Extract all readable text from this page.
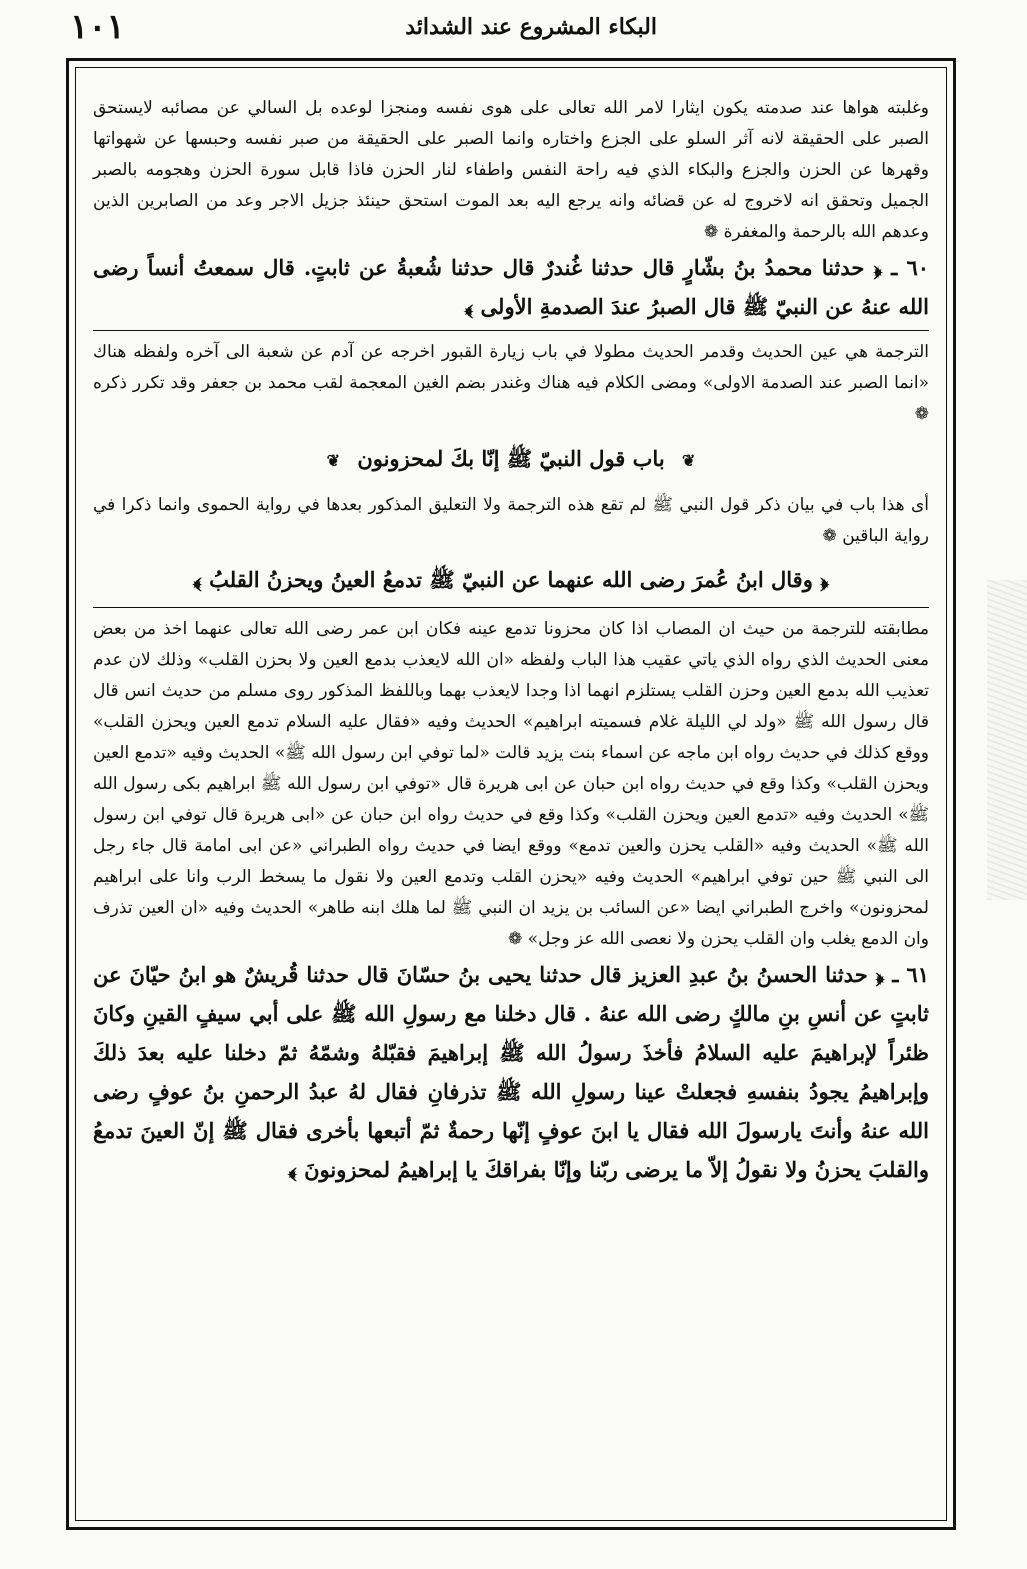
١٠١	البكاء المشروع عند الشدائد

وغلبته هواها عند صدمته يكون ايثارا لامر الله تعالى على هوى نفسه ومنجزا لوعده بل السالي عن مصائبه لايستحق الصبر على الحقيقة لانه آثر السلو على الجزع واختاره وانما الصبر على الحقيقة من صبر نفسه وحبسها عن شهواتها وقهرها عن الحزن والجزع والبكاء الذي فيه راحة النفس واطفاء لنار الحزن فاذا قابل سورة الحزن وهجومه بالصبر الجميل وتحقق انه لاخروج له عن قضائه وانه يرجع اليه بعد الموت استحق حينئذ جزيل الاجر وعد من الصابرين الذين وعدهم الله بالرحمة والمغفرة ❁

٦٠ ـ ﴿ حدثنا محمدُ بنُ بشّارٍ قال حدثنا غُندرٌ قال حدثنا شُعبةُ عن ثابتٍ. قال سمعتُ أنساً رضى الله عنهُ عن النبيّ ﷺ قال الصبرُ عندَ الصدمةِ الأولى ﴾

الترجمة هي عين الحديث وقدمر الحديث مطولا في باب زيارة القبور اخرجه عن آدم عن شعبة الى آخره ولفظه هناك «انما الصبر عند الصدمة الاولى» ومضى الكلام فيه هناك وغندر بضم الغين المعجمة لقب محمد بن جعفر وقد تكرر ذكره ❁

❦ باب قول النبيّ ﷺ إنّا بكَ لمحزونون ❦

أى هذا باب في بيان ذكر قول النبي ﷺ لم تقع هذه الترجمة ولا التعليق المذكور بعدها في رواية الحموى وانما ذكرا في رواية الباقين ❁

﴿ وقال ابنُ عُمرَ رضى الله عنهما عن النبيّ ﷺ تدمعُ العينُ ويحزنُ القلبُ ﴾

مطابقته للترجمة من حيث ان المصاب اذا كان محزونا تدمع عينه فكان ابن عمر رضى الله تعالى عنهما اخذ من بعض معنى الحديث الذي رواه الذي ياتي عقيب هذا الباب ولفظه «ان الله لايعذب بدمع العين ولا بحزن القلب» وذلك لان عدم تعذيب الله بدمع العين وحزن القلب يستلزم انهما اذا وجدا لايعذب بهما وباللفظ المذكور روى مسلم من حديث انس قال قال رسول الله ﷺ «ولد لي الليلة غلام فسميته ابراهيم» الحديث وفيه «فقال عليه السلام تدمع العين ويحزن القلب» ووقع كذلك في حديث رواه ابن ماجه عن اسماء بنت يزيد قالت «لما توفي ابن رسول الله ﷺ» الحديث وفيه «تدمع العين ويحزن القلب» وكذا وقع في حديث رواه ابن حبان عن ابى هريرة قال «توفي ابن رسول الله ﷺ ابراهيم بكى رسول الله ﷺ» الحديث وفيه «تدمع العين ويحزن القلب» وكذا وقع في حديث رواه ابن حبان عن «ابى هريرة قال توفي ابن رسول الله ﷺ» الحديث وفيه «القلب يحزن والعين تدمع» ووقع ايضا في حديث رواه الطبراني «عن ابى امامة قال جاء رجل الى النبي ﷺ حين توفي ابراهيم» الحديث وفيه «يحزن القلب وتدمع العين ولا نقول ما يسخط الرب وانا على ابراهيم لمحزونون» واخرج الطبراني ايضا «عن السائب بن يزيد ان النبي ﷺ لما هلك ابنه طاهر» الحديث وفيه «ان العين تذرف وان الدمع يغلب وان القلب يحزن ولا نعصى الله عز وجل» ❁

٦١ ـ ﴿ حدثنا الحسنُ بنُ عبدِ العزيز قال حدثنا يحيى بنُ حسّانَ قال حدثنا قُريشٌ هو ابنُ حيّانَ عن ثابتٍ عن أنسِ بنِ مالكٍ رضى الله عنهُ . قال دخلنا مع رسولِ الله ﷺ على أبي سيفٍ القينِ وكانَ ظئراً لإبراهيمَ عليه السلامُ فأخذَ رسولُ الله ﷺ إبراهيمَ فقبّلهُ وشمّهُ ثمّ دخلنا عليه بعدَ ذلكَ وإبراهيمُ يجودُ بنفسهِ فجعلتْ عينا رسولِ الله ﷺ تذرفانِ فقال لهُ عبدُ الرحمنِ بنُ عوفٍ رضى الله عنهُ وأنتَ يارسولَ الله فقال يا ابنَ عوفٍ إنّها رحمةٌ ثمّ أتبعها بأخرى فقال ﷺ إنّ العينَ تدمعُ والقلبَ يحزنُ ولا نقولُ إلاّ ما يرضى ربّنا وإنّا بفراقكَ يا إبراهيمُ لمحزونونَ ﴾
